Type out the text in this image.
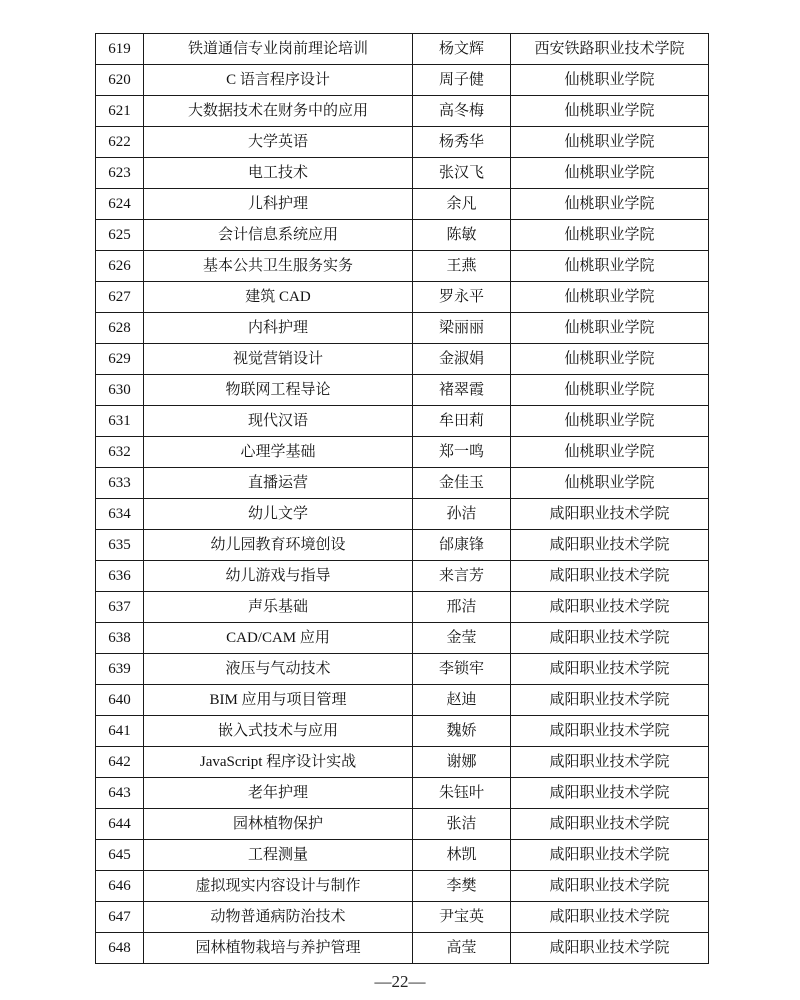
619	铁道通信专业岗前理论培训	杨文辉	西安铁路职业技术学院
620	C 语言程序设计	周子健	仙桃职业学院
621	大数据技术在财务中的应用	高冬梅	仙桃职业学院
622	大学英语	杨秀华	仙桃职业学院
623	电工技术	张汉飞	仙桃职业学院
624	儿科护理	余凡	仙桃职业学院
625	会计信息系统应用	陈敏	仙桃职业学院
626	基本公共卫生服务实务	王燕	仙桃职业学院
627	建筑 CAD	罗永平	仙桃职业学院
628	内科护理	梁丽丽	仙桃职业学院
629	视觉营销设计	金淑娟	仙桃职业学院
630	物联网工程导论	褚翠霞	仙桃职业学院
631	现代汉语	牟田莉	仙桃职业学院
632	心理学基础	郑一鸣	仙桃职业学院
633	直播运营	金佳玉	仙桃职业学院
634	幼儿文学	孙洁	咸阳职业技术学院
635	幼儿园教育环境创设	邰康锋	咸阳职业技术学院
636	幼儿游戏与指导	来言芳	咸阳职业技术学院
637	声乐基础	邢洁	咸阳职业技术学院
638	CAD/CAM 应用	金莹	咸阳职业技术学院
639	液压与气动技术	李锁牢	咸阳职业技术学院
640	BIM 应用与项目管理	赵迪	咸阳职业技术学院
641	嵌入式技术与应用	魏娇	咸阳职业技术学院
642	JavaScript 程序设计实战	谢娜	咸阳职业技术学院
643	老年护理	朱钰叶	咸阳职业技术学院
644	园林植物保护	张洁	咸阳职业技术学院
645	工程测量	林凯	咸阳职业技术学院
646	虚拟现实内容设计与制作	李樊	咸阳职业技术学院
647	动物普通病防治技术	尹宝英	咸阳职业技术学院
648	园林植物栽培与养护管理	高莹	咸阳职业技术学院
—22—
